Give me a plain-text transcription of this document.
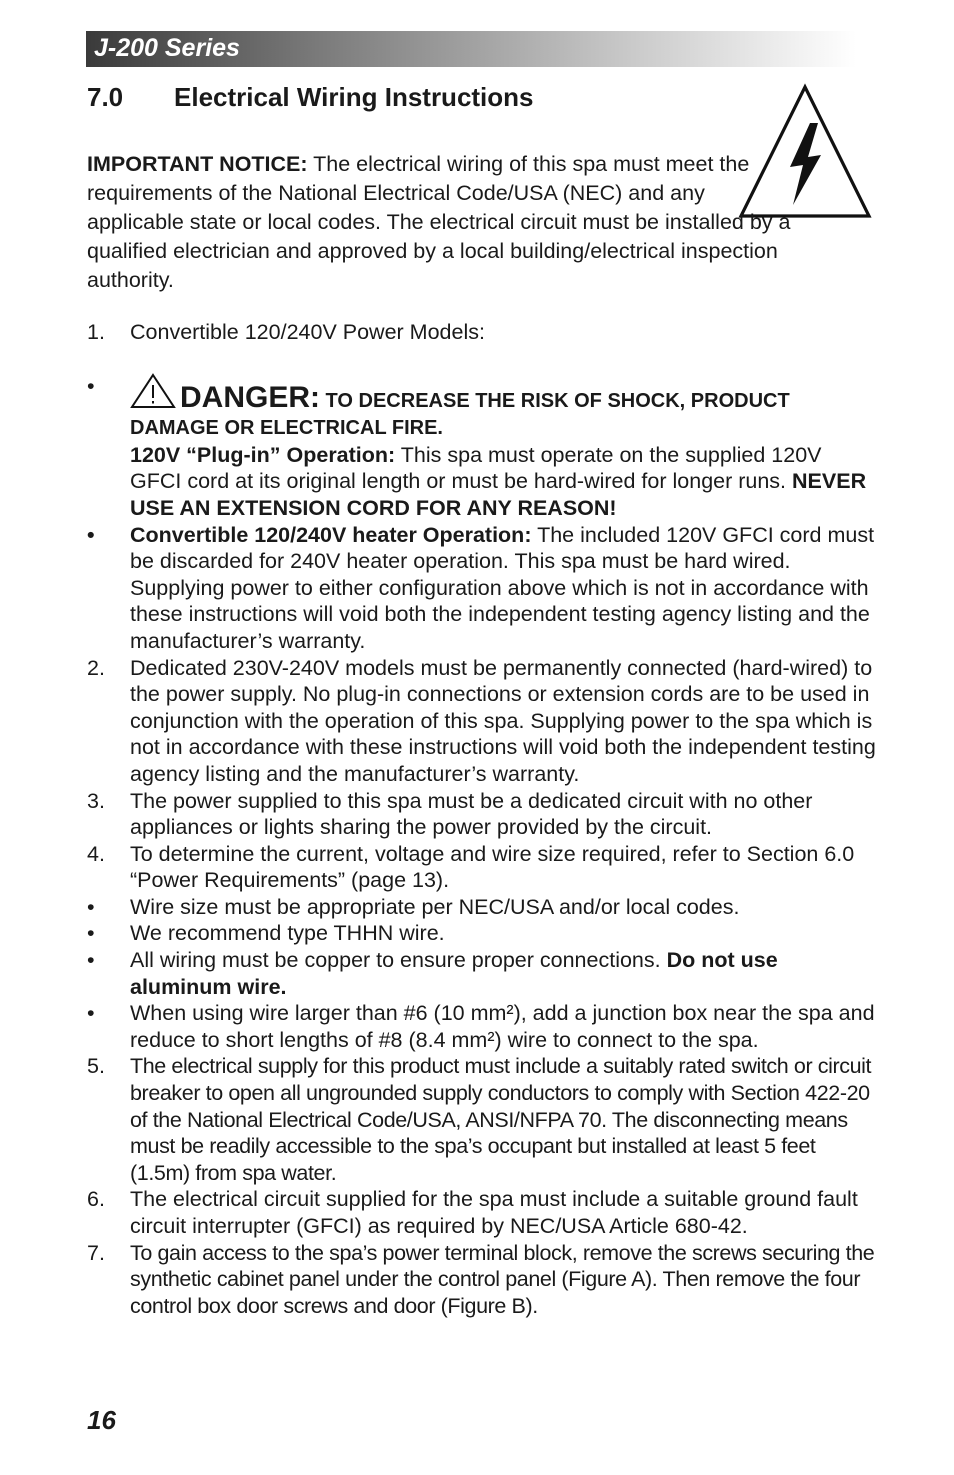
J-200 Series
7.0 Electrical Wiring Instructions
IMPORTANT NOTICE: The electrical wiring of this spa must meet the requirements of the National Electrical Code/USA (NEC) and any applicable state or local codes. The electrical circuit must be installed by a qualified electrician and approved by a local building/electrical inspection authority.
1.	Convertible 120/240V Power Models:
•	DANGER: TO DECREASE THE RISK OF SHOCK, PRODUCT DAMAGE OR ELECTRICAL FIRE.
120V “Plug-in” Operation: This spa must operate on the supplied 120V GFCI cord at its original length or must be hard-wired for longer runs. NEVER USE AN EXTENSION CORD FOR ANY REASON!
•	Convertible 120/240V heater Operation: The included 120V GFCI cord must be discarded for 240V heater operation. This spa must be hard wired. Supplying power to either configuration above which is not in accordance with these instructions will void both the independent testing agency listing and the manufacturer’s warranty.
2.	Dedicated 230V-240V models must be permanently connected (hard-wired) to the power supply. No plug-in connections or extension cords are to be used in conjunction with the operation of this spa. Supplying power to the spa which is not in accordance with these instructions will void both the independent testing agency listing and the manufacturer’s warranty.
3.	The power supplied to this spa must be a dedicated circuit with no other appliances or lights sharing the power provided by the circuit.
4.	To determine the current, voltage and wire size required, refer to Section 6.0 “Power Requirements” (page 13).
•	Wire size must be appropriate per NEC/USA and/or local codes.
•	We recommend type THHN wire.
•	All wiring must be copper to ensure proper connections. Do not use aluminum wire.
•	When using wire larger than #6 (10 mm²), add a junction box near the spa and reduce to short lengths of #8 (8.4 mm²) wire to connect to the spa.
5.	The electrical supply for this product must include a suitably rated switch or circuit breaker to open all ungrounded supply conductors to comply with Section 422-20 of the National Electrical Code/USA, ANSI/NFPA 70. The disconnecting means must be readily accessible to the spa’s occupant but installed at least 5 feet (1.5m) from spa water.
6.	The electrical circuit supplied for the spa must include a suitable ground fault circuit interrupter (GFCI) as required by NEC/USA Article 680-42.
7.	To gain access to the spa’s power terminal block, remove the screws securing the synthetic cabinet panel under the control panel (Figure A). Then remove the four control box door screws and door (Figure B).
16
